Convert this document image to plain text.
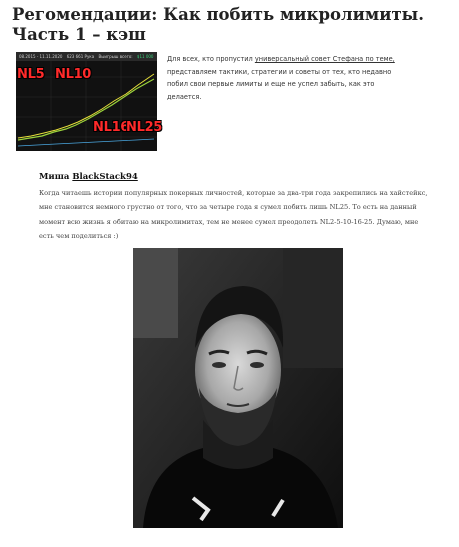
Регомендации: Как побить микролимиты. Часть 1 – кэш
08.2015 - 11.11.2020 623 661 Рука Выигрыш всего: $11 000
NL5 NL10
NL16
NL25

Для всех, кто пропустил универсальный совет Стефана по теме, представляем тактики, стратегии и советы от тех, кто недавно побил свои первые лимиты и еще не успел забыть, как это делается.

Миша BlackStack94

Когда читаешь истории популярных покерных личностей, которые за два-три года закрепились на хайстейкс, мне становится немного грустно от того, что за четыре года я сумел побить лишь NL25. То есть на данный момент всю жизнь я обитаю на микролимитах, тем не менее сумел преодолеть NL2-5-10-16-25. Думаю, мне есть чем поделиться :)
